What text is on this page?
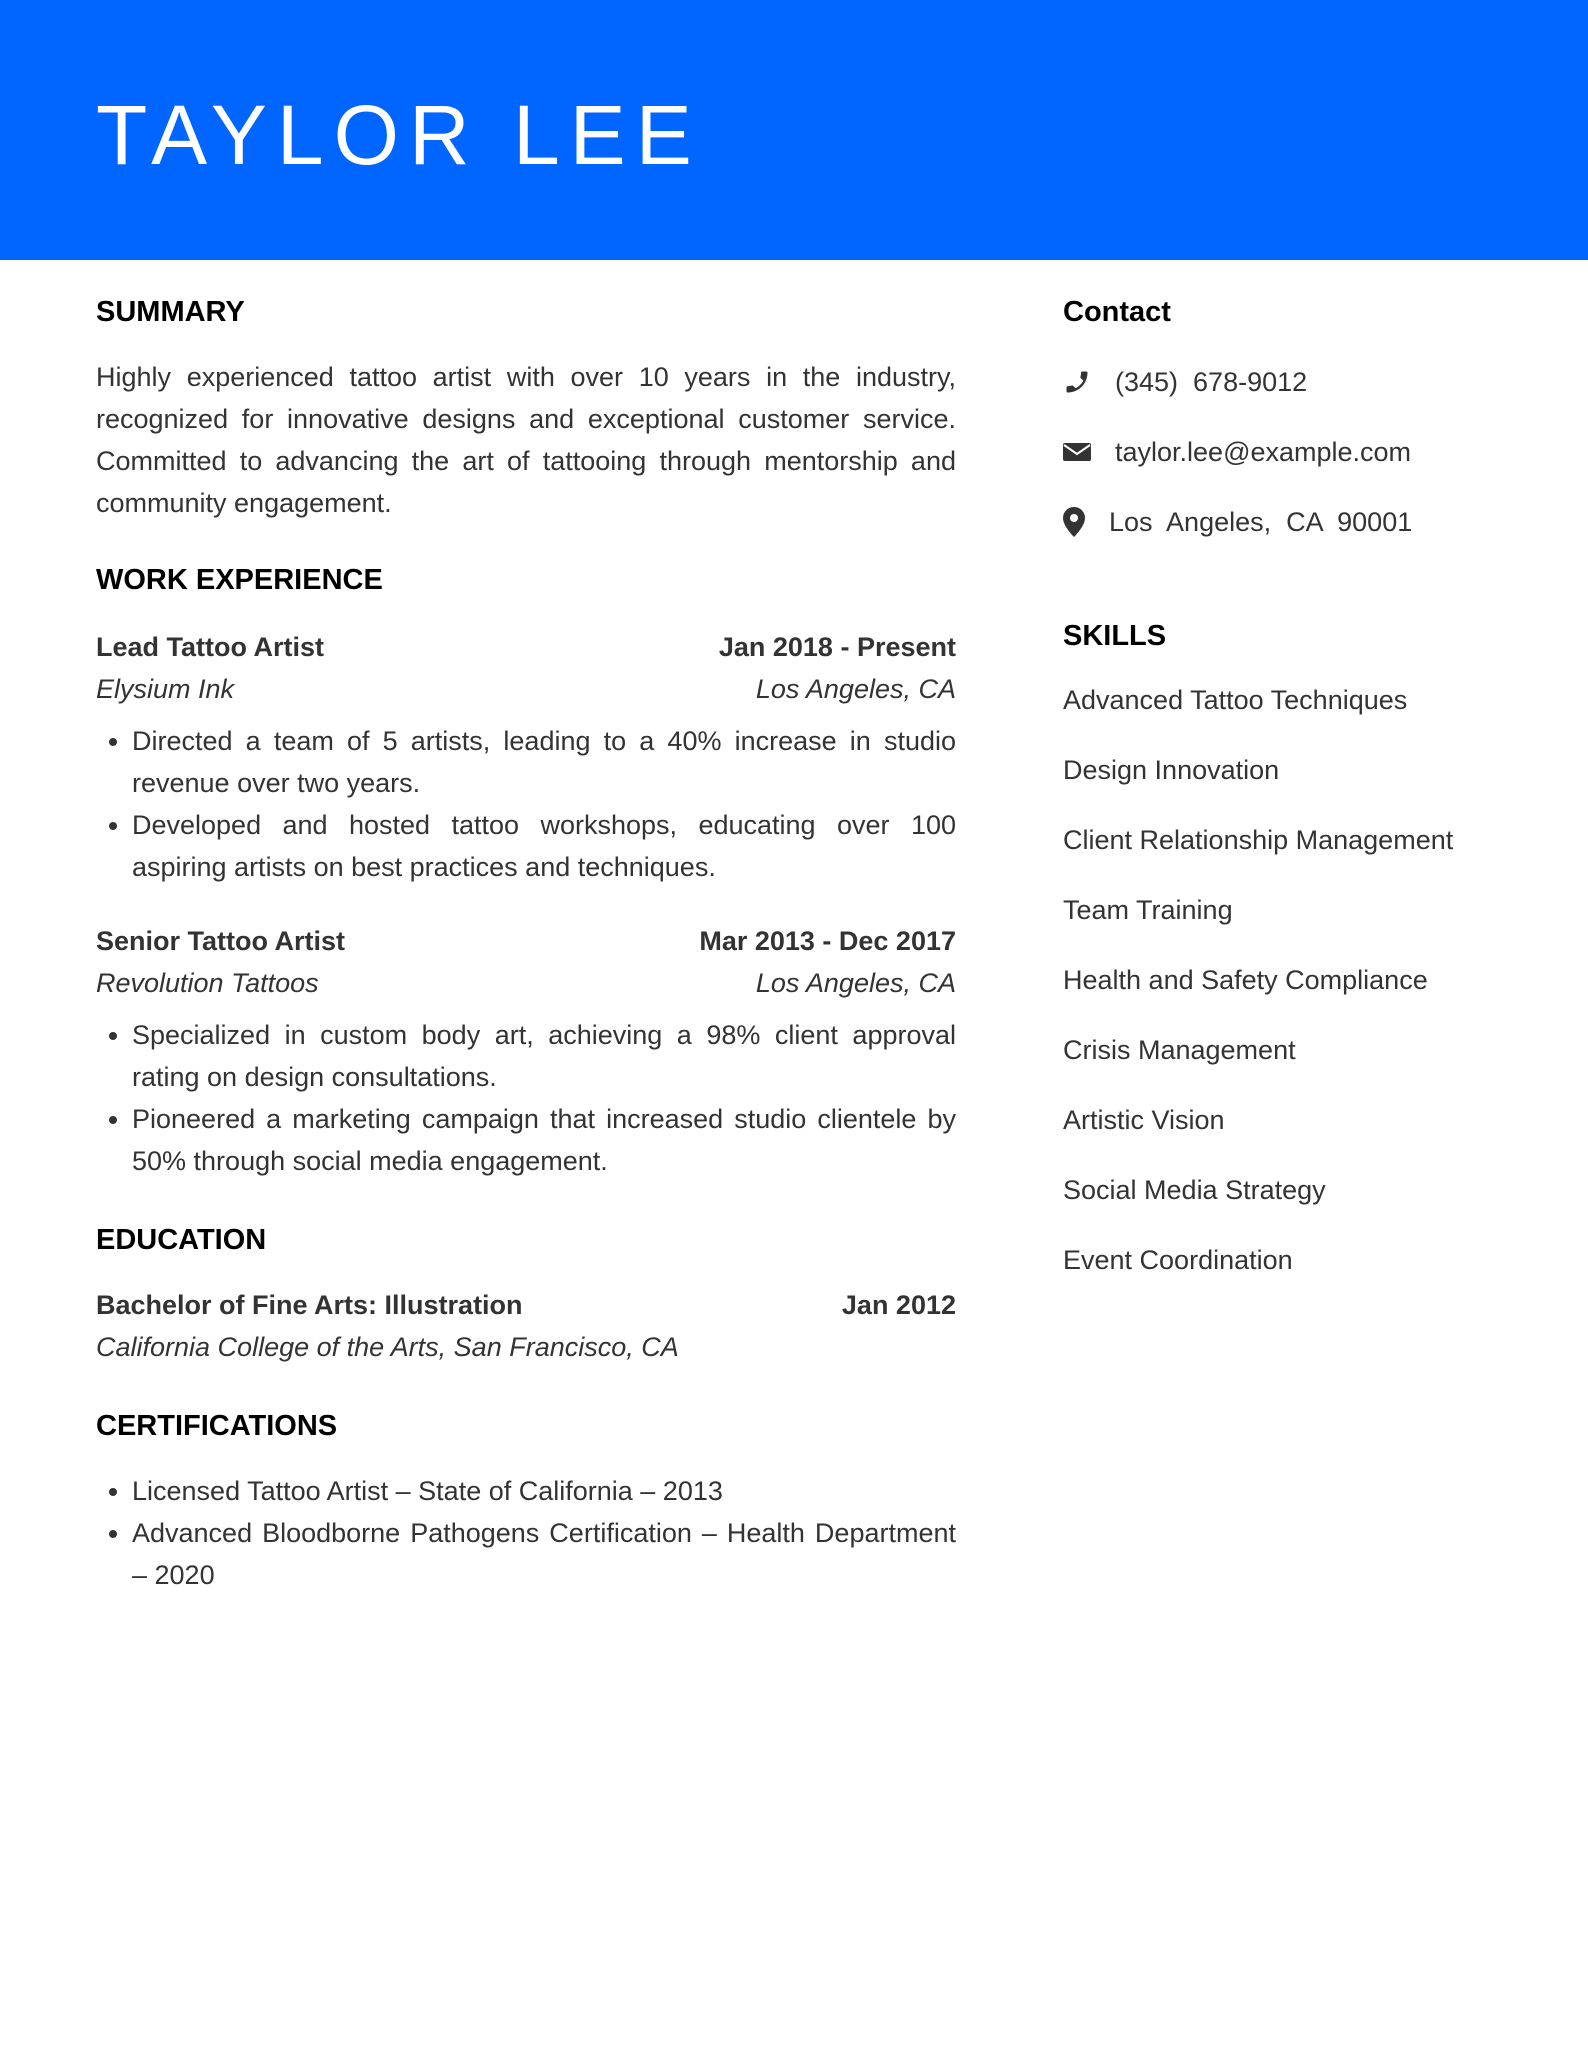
TAYLOR LEE
SUMMARY

Highly experienced tattoo artist with over 10 years in the industry, recognized for innovative designs and exceptional customer service. Committed to advancing the art of tattooing through mentorship and community engagement.

WORK EXPERIENCE
Lead Tattoo Artist	Jan 2018 - Present
Elysium Ink	Los Angeles, CA
• Directed a team of 5 artists, leading to a 40% increase in studio revenue over two years.
• Developed and hosted tattoo workshops, educating over 100 aspiring artists on best practices and techniques.
Senior Tattoo Artist	Mar 2013 - Dec 2017
Revolution Tattoos	Los Angeles, CA
• Specialized in custom body art, achieving a 98% client approval rating on design consultations.
• Pioneered a marketing campaign that increased studio clientele by 50% through social media engagement.
EDUCATION
Bachelor of Fine Arts: Illustration	Jan 2012
California College of the Arts, San Francisco, CA
CERTIFICATIONS
• Licensed Tattoo Artist – State of California – 2013
• Advanced Bloodborne Pathogens Certification – Health Department – 2020
Contact
(345)  678-9012
taylor.lee@example.com
Los  Angeles,  CA  90001
SKILLS
Advanced Tattoo Techniques
Design Innovation
Client Relationship Management
Team Training
Health and Safety Compliance
Crisis Management
Artistic Vision
Social Media Strategy
Event Coordination
